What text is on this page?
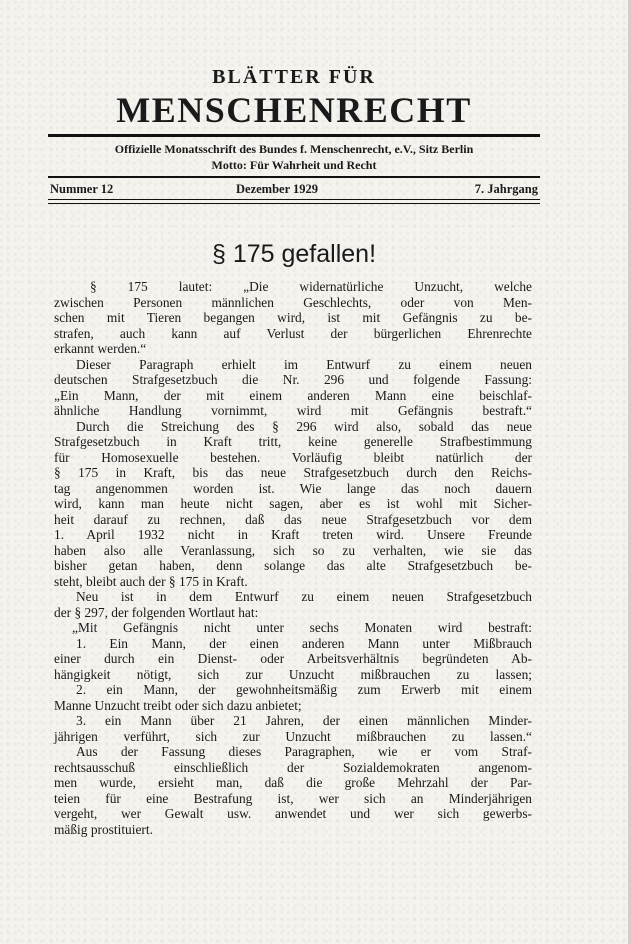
BLÄTTER FÜR
MENSCHENRECHT
Offizielle Monatsschrift des Bundes f. Menschenrecht, e.V., Sitz Berlin
Motto: Für Wahrheit und Recht
Nummer 12	Dezember 1929	7. Jahrgang
§ 175 gefallen!
§ 175 lautet: „Die widernatürliche Unzucht, welche
zwischen Personen männlichen Geschlechts, oder von Men-
schen mit Tieren begangen wird, ist mit Gefängnis zu be-
strafen, auch kann auf Verlust der bürgerlichen Ehrenrechte
erkannt werden.“
Dieser Paragraph erhielt im Entwurf zu einem neuen
deutschen Strafgesetzbuch die Nr. 296 und folgende Fassung:
„Ein Mann, der mit einem anderen Mann eine beischlaf-
ähnliche Handlung vornimmt, wird mit Gefängnis bestraft.“
Durch die Streichung des § 296 wird also, sobald das neue
Strafgesetzbuch in Kraft tritt, keine generelle Strafbestimmung
für Homosexuelle bestehen. Vorläufig bleibt natürlich der
§ 175 in Kraft, bis das neue Strafgesetzbuch durch den Reichs-
tag angenommen worden ist. Wie lange das noch dauern
wird, kann man heute nicht sagen, aber es ist wohl mit Sicher-
heit darauf zu rechnen, daß das neue Strafgesetzbuch vor dem
1. April 1932 nicht in Kraft treten wird. Unsere Freunde
haben also alle Veranlassung, sich so zu verhalten, wie sie das
bisher getan haben, denn solange das alte Strafgesetzbuch be-
steht, bleibt auch der § 175 in Kraft.
Neu ist in dem Entwurf zu einem neuen Strafgesetzbuch
der § 297, der folgenden Wortlaut hat:
„Mit Gefängnis nicht unter sechs Monaten wird bestraft:
1. Ein Mann, der einen anderen Mann unter Mißbrauch
einer durch ein Dienst- oder Arbeitsverhältnis begründeten Ab-
hängigkeit nötigt, sich zur Unzucht mißbrauchen zu lassen;
2. ein Mann, der gewohnheitsmäßig zum Erwerb mit einem
Manne Unzucht treibt oder sich dazu anbietet;
3. ein Mann über 21 Jahren, der einen männlichen Minder-
jährigen verführt, sich zur Unzucht mißbrauchen zu lassen.“
Aus der Fassung dieses Paragraphen, wie er vom Straf-
rechtsausschuß einschließlich der Sozialdemokraten angenom-
men wurde, ersieht man, daß die große Mehrzahl der Par-
teien für eine Bestrafung ist, wer sich an Minderjährigen
vergeht, wer Gewalt usw. anwendet und wer sich gewerbs-
mäßig prostituiert.
